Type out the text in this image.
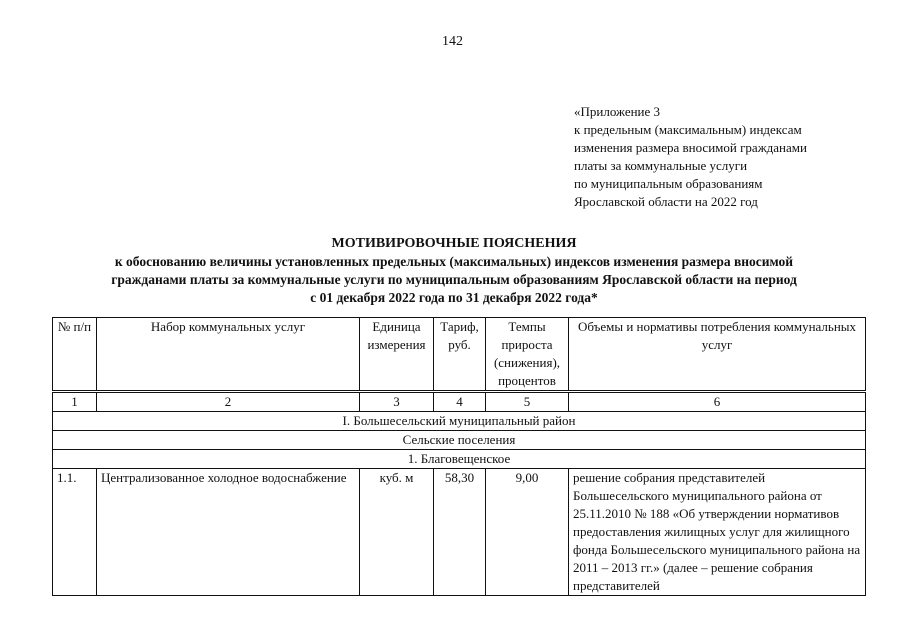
142
«Приложение 3
к предельным (максимальным) индексам
изменения размера вносимой гражданами
платы за коммунальные услуги
по муниципальным образованиям
Ярославской области на 2022 год
МОТИВИРОВОЧНЫЕ ПОЯСНЕНИЯ
к обоснованию величины установленных предельных (максимальных) индексов изменения размера вносимой
гражданами платы за коммунальные услуги по муниципальным образованиям Ярославской области на период
с 01 декабря 2022 года по 31 декабря 2022 года*
№ п/п	Набор коммунальных услуг	Единица измерения	Тариф, руб.	Темпы прироста (снижения), процентов	Объемы и нормативы потребления коммунальных услуг
1	2	3	4	5	6
I. Большесельский муниципальный район					
Сельские поселения					
1. Благовещенское					
1.1.	Централизованное холодное водоснабжение	куб. м	58,30	9,00	решение собрания представителей Большесельского муниципального района от 25.11.2010 № 188 «Об утверждении нормативов предоставления жилищных услуг для жилищного фонда Большесельского муниципального района на 2011 – 2013 гг.» (далее – решение собрания представителей
